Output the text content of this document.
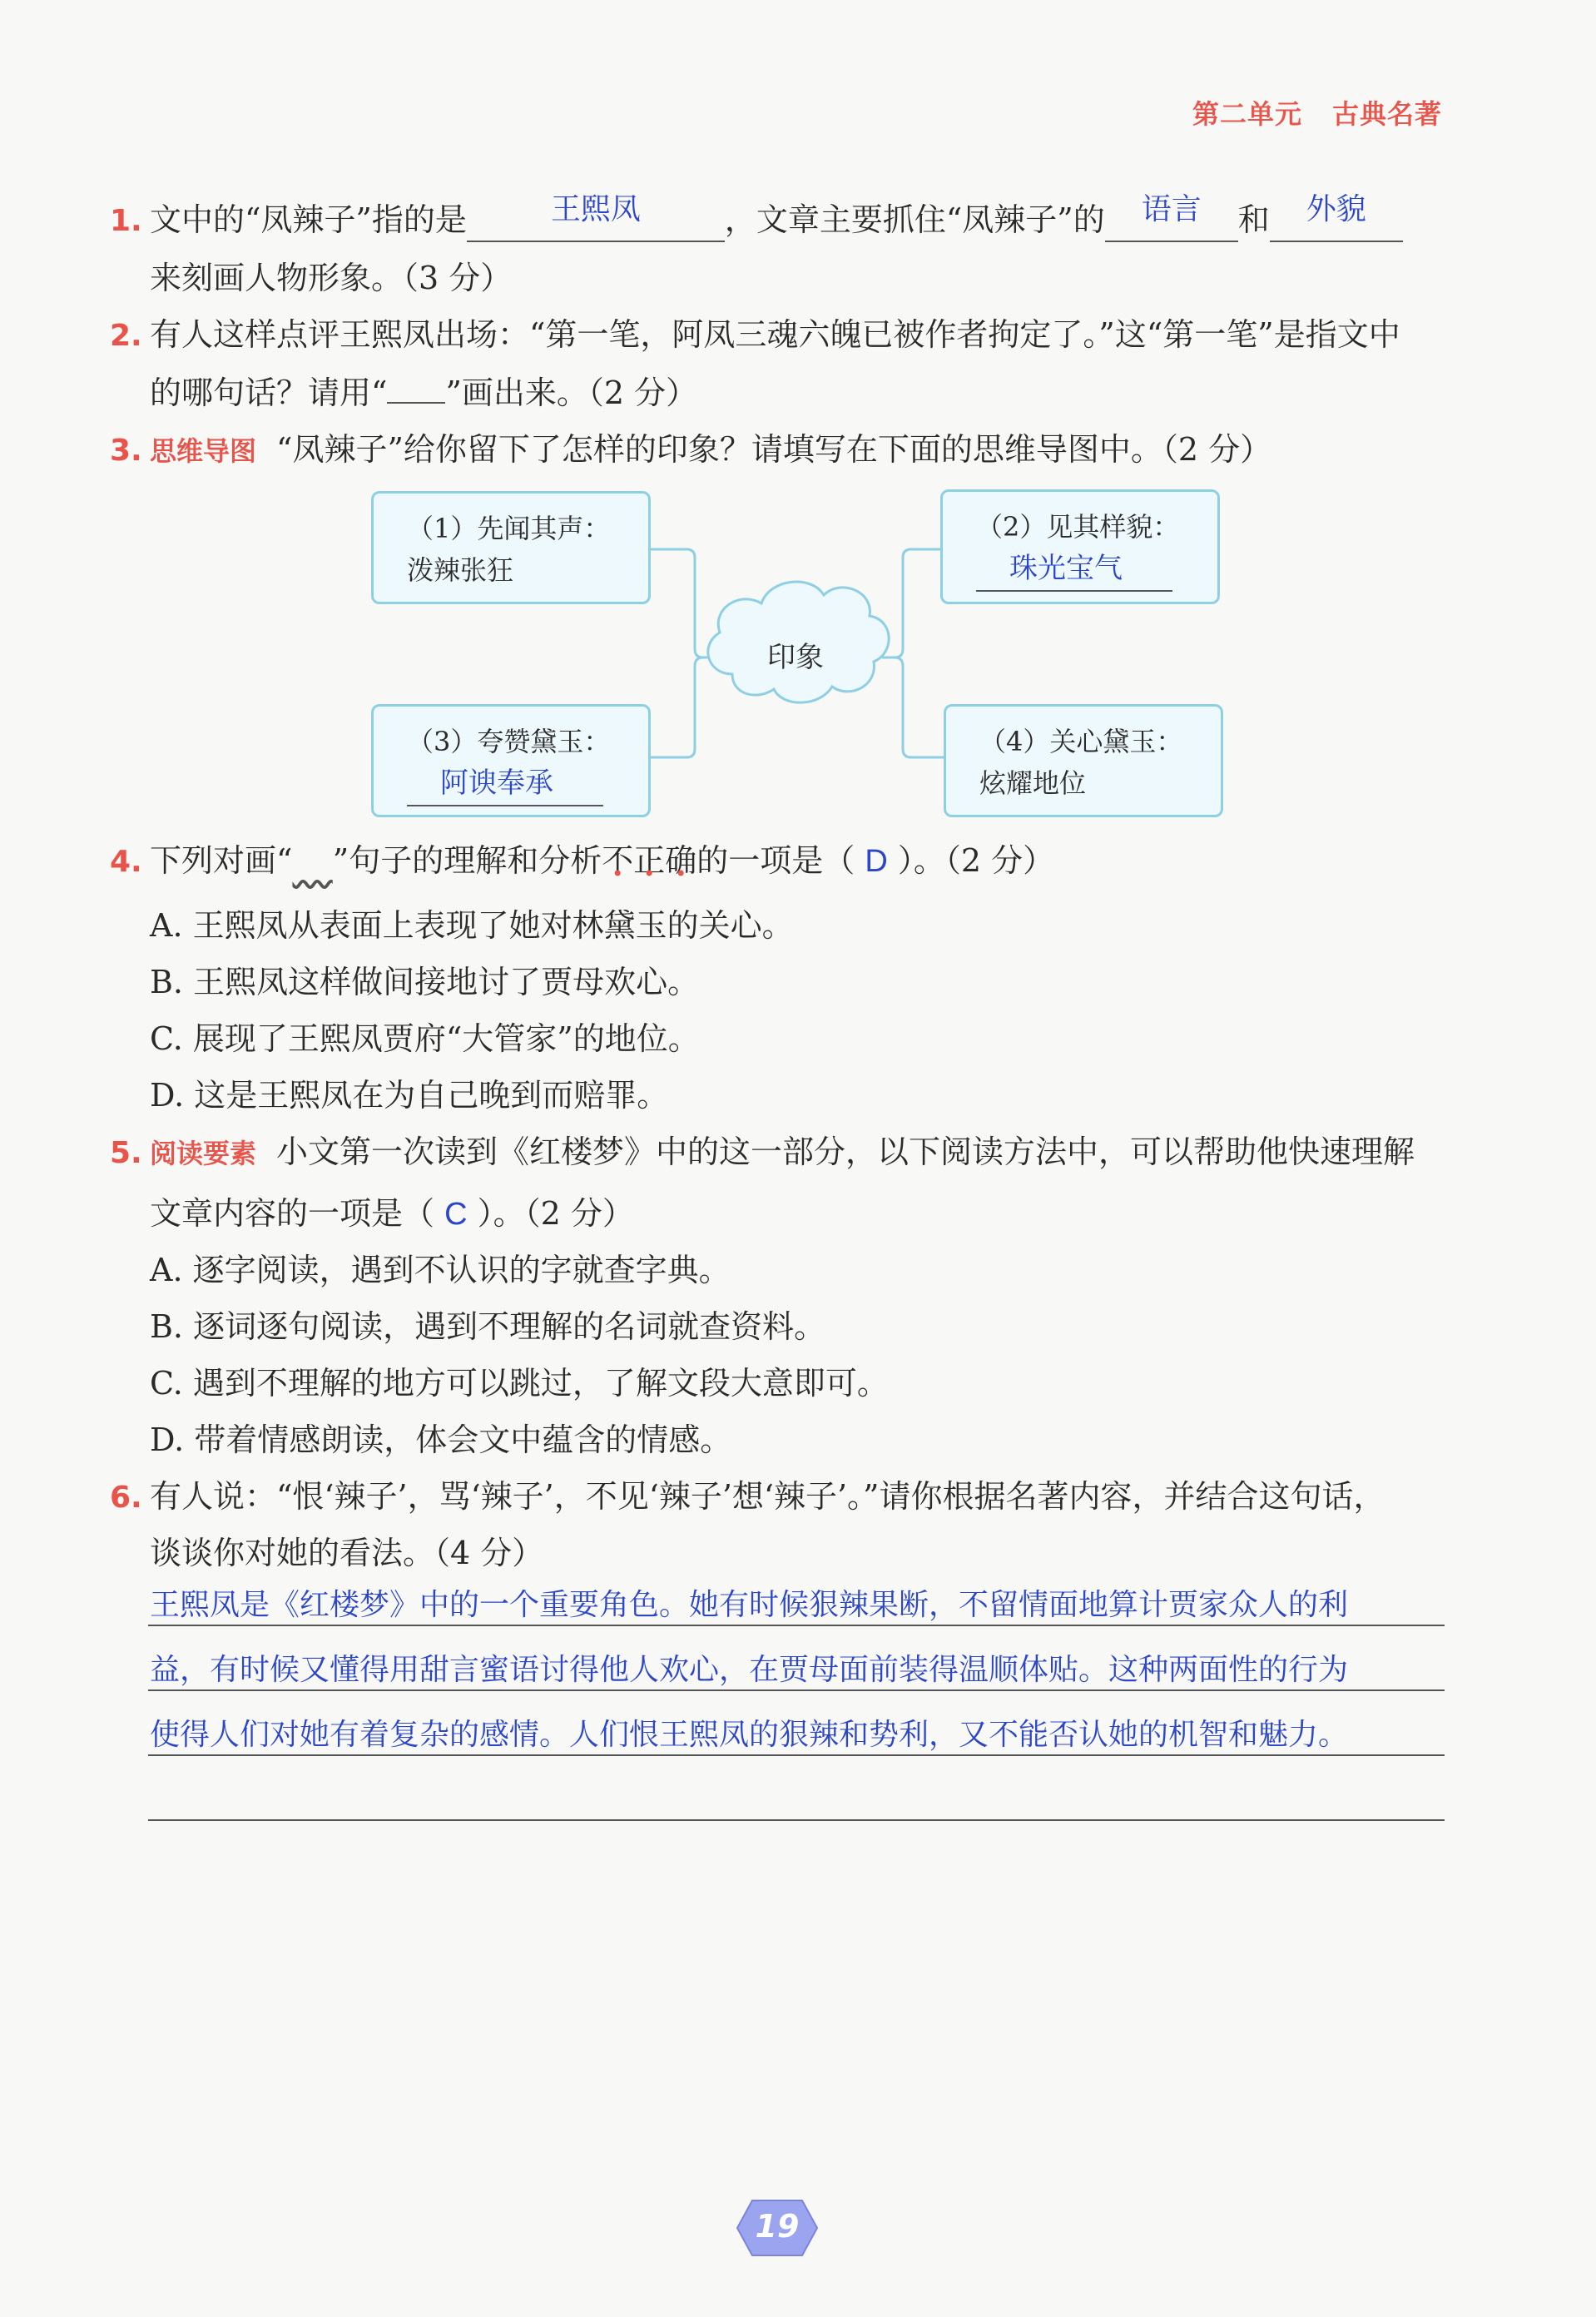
第二单元 古典名著
1. 文中的“凤辣子”指的是	王熙凤	，文章主要抓住“凤辣子”的 语言 和 外貌
来刻画人物形象。（3 分）
2. 有人这样点评王熙凤出场：“第一笔，阿凤三魂六魄已被作者拘定了。”这“第一笔”是指文中
的哪句话？请用“ ”画出来。（2 分）
3. 思维导图 “凤辣子”给你留下了怎样的印象？请填写在下面的思维导图中。（2 分）
印象
（1）先闻其声：
泼辣张狂
（2）见其样貌：
珠光宝气
（3）夸赞黛玉：
阿谀奉承
（4）关心黛玉：
炫耀地位
4. 下列对画“ ”句子的理解和分析不正确的一项是（ D ）。（2 分）
A. 王熙凤从表面上表现了她对林黛玉的关心。
B. 王熙凤这样做间接地讨了贾母欢心。
C. 展现了王熙凤贾府“大管家”的地位。
D. 这是王熙凤在为自己晚到而赔罪。
5. 阅读要素 小文第一次读到《红楼梦》中的这一部分，以下阅读方法中，可以帮助他快速理解
文章内容的一项是（ C ）。（2 分）
A. 逐字阅读，遇到不认识的字就查字典。
B. 逐词逐句阅读，遇到不理解的名词就查资料。
C. 遇到不理解的地方可以跳过，了解文段大意即可。
D. 带着情感朗读，体会文中蕴含的情感。
6. 有人说：“恨‘辣子’，骂‘辣子’，不见‘辣子’想‘辣子’。”请你根据名著内容，并结合这句话，
谈谈你对她的看法。（4 分）
王熙凤是《红楼梦》中的一个重要角色。她有时候狠辣果断，不留情面地算计贾家众人的利
益，有时候又懂得用甜言蜜语讨得他人欢心，在贾母面前装得温顺体贴。这种两面性的行为
使得人们对她有着复杂的感情。人们恨王熙凤的狠辣和势利，又不能否认她的机智和魅力。
19
